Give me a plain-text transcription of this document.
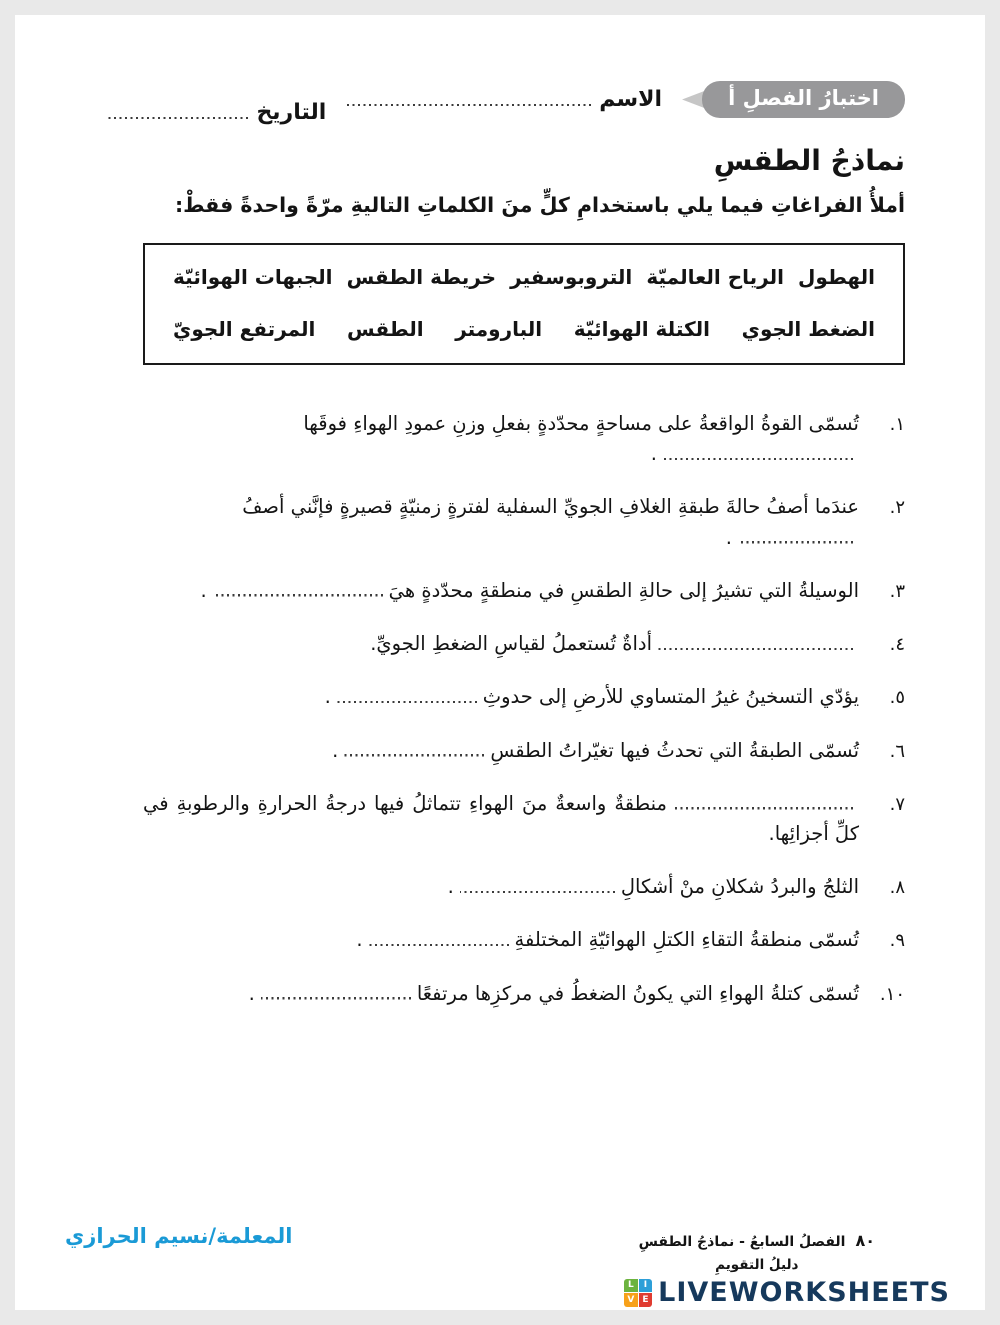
اختبارُ الفصلِ أ
الاسم
التاريخ
نماذجُ الطقسِ

أملأُ الفراغاتِ فيما يلي باستخدامِ كلٍّ منَ الكلماتِ التاليةِ مرّةً واحدةً فقطْ:

الهطول
الرياح العالميّة
التروبوسفير
خريطة الطقس
الجبهات الهوائيّة
الضغط الجوي
الكتلة الهوائيّة
البارومتر
الطقس
المرتفع الجويّ
١.
تُسمّى القوةُ الواقعةُ على مساحةٍ محدّدةٍ بفعلِ وزنِ عمودِ الهواءِ فوقَها.
٢.
عندَما أصفُ حالةَ طبقةِ الغلافِ الجويِّ السفلية لفترةٍ زمنيّةٍ قصيرةٍ فإنَّني أصفُ.
٣.
الوسيلةُ التي تشيرُ إلى حالةِ الطقسِ في منطقةٍ محدّدةٍ هيَ.
٤.
أداةٌ تُستعملُ لقياسِ الضغطِ الجويِّ.
٥.
يؤدّي التسخينُ غيرُ المتساوي للأرضِ إلى حدوثِ.
٦.
تُسمّى الطبقةُ التي تحدثُ فيها تغيّراتُ الطقسِ.
٧.
منطقةٌ واسعةٌ منَ الهواءِ تتماثلُ فيها درجةُ الحرارةِ والرطوبةِ في كلِّ أجزائِها.
٨.
الثلجُ والبردُ شكلانِ منْ أشكالِ.
٩.
تُسمّى منطقةُ التقاءِ الكتلِ الهوائيّةِ المختلفةِ.
١٠.
تُسمّى كتلةُ الهواءِ التي يكونُ الضغطُ في مركزِها مرتفعًا.
المعلمة/نسيم الحرازي	٨٠
الفصلُ السابعُ - نماذجُ الطقسِ
دليلُ التقويمِ
L	I
V E LIVEWORKSHEETS
